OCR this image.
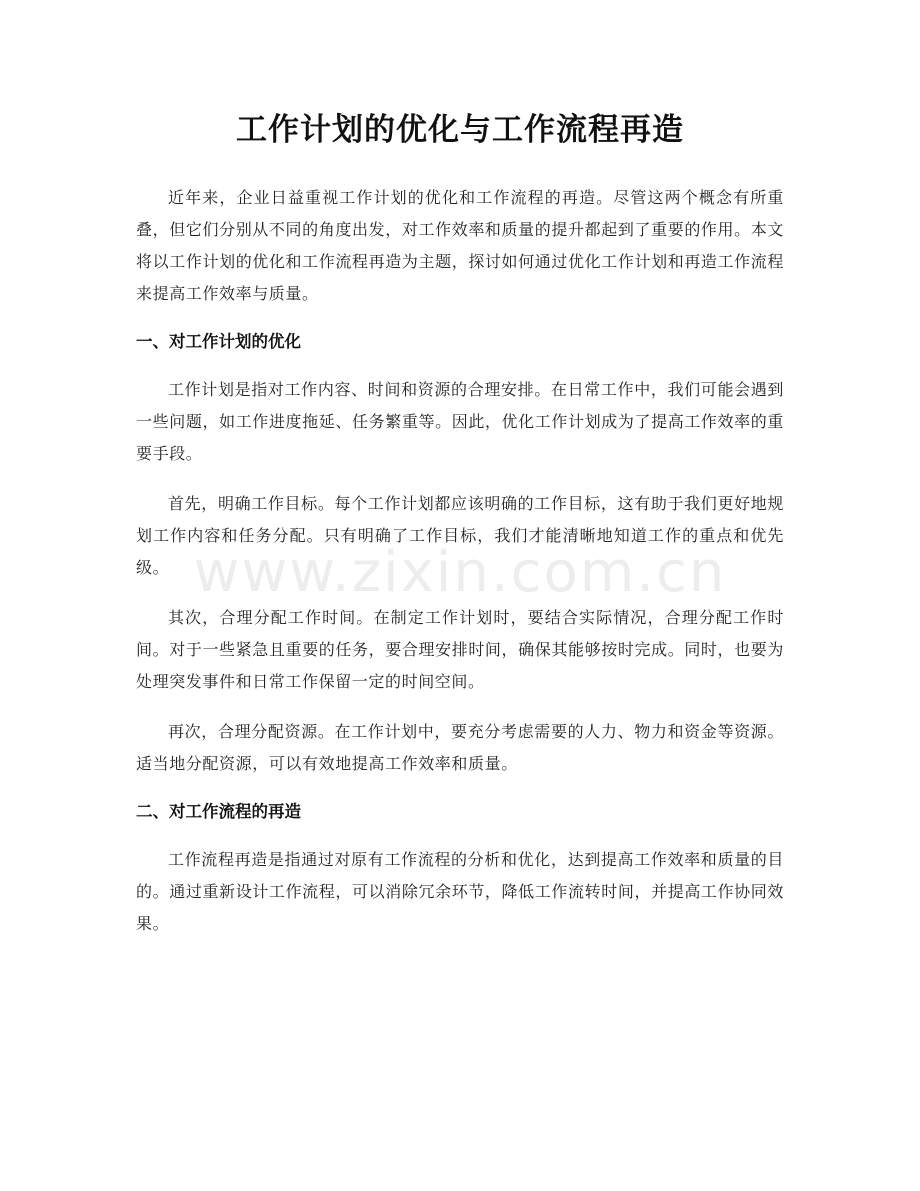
工作计划的优化与工作流程再造

近年来，企业日益重视工作计划的优化和工作流程的再造。尽管这两个概念有所重叠，但它们分别从不同的角度出发，对工作效率和质量的提升都起到了重要的作用。本文将以工作计划的优化和工作流程再造为主题，探讨如何通过优化工作计划和再造工作流程来提高工作效率与质量。

一、对工作计划的优化

工作计划是指对工作内容、时间和资源的合理安排。在日常工作中，我们可能会遇到一些问题，如工作进度拖延、任务繁重等。因此，优化工作计划成为了提高工作效率的重要手段。

首先，明确工作目标。每个工作计划都应该明确的工作目标，这有助于我们更好地规划工作内容和任务分配。只有明确了工作目标，我们才能清晰地知道工作的重点和优先级。

其次，合理分配工作时间。在制定工作计划时，要结合实际情况，合理分配工作时间。对于一些紧急且重要的任务，要合理安排时间，确保其能够按时完成。同时，也要为处理突发事件和日常工作保留一定的时间空间。

再次，合理分配资源。在工作计划中，要充分考虑需要的人力、物力和资金等资源。适当地分配资源，可以有效地提高工作效率和质量。

二、对工作流程的再造

工作流程再造是指通过对原有工作流程的分析和优化，达到提高工作效率和质量的目的。通过重新设计工作流程，可以消除冗余环节，降低工作流转时间，并提高工作协同效果。

www.zixin.com.cn
